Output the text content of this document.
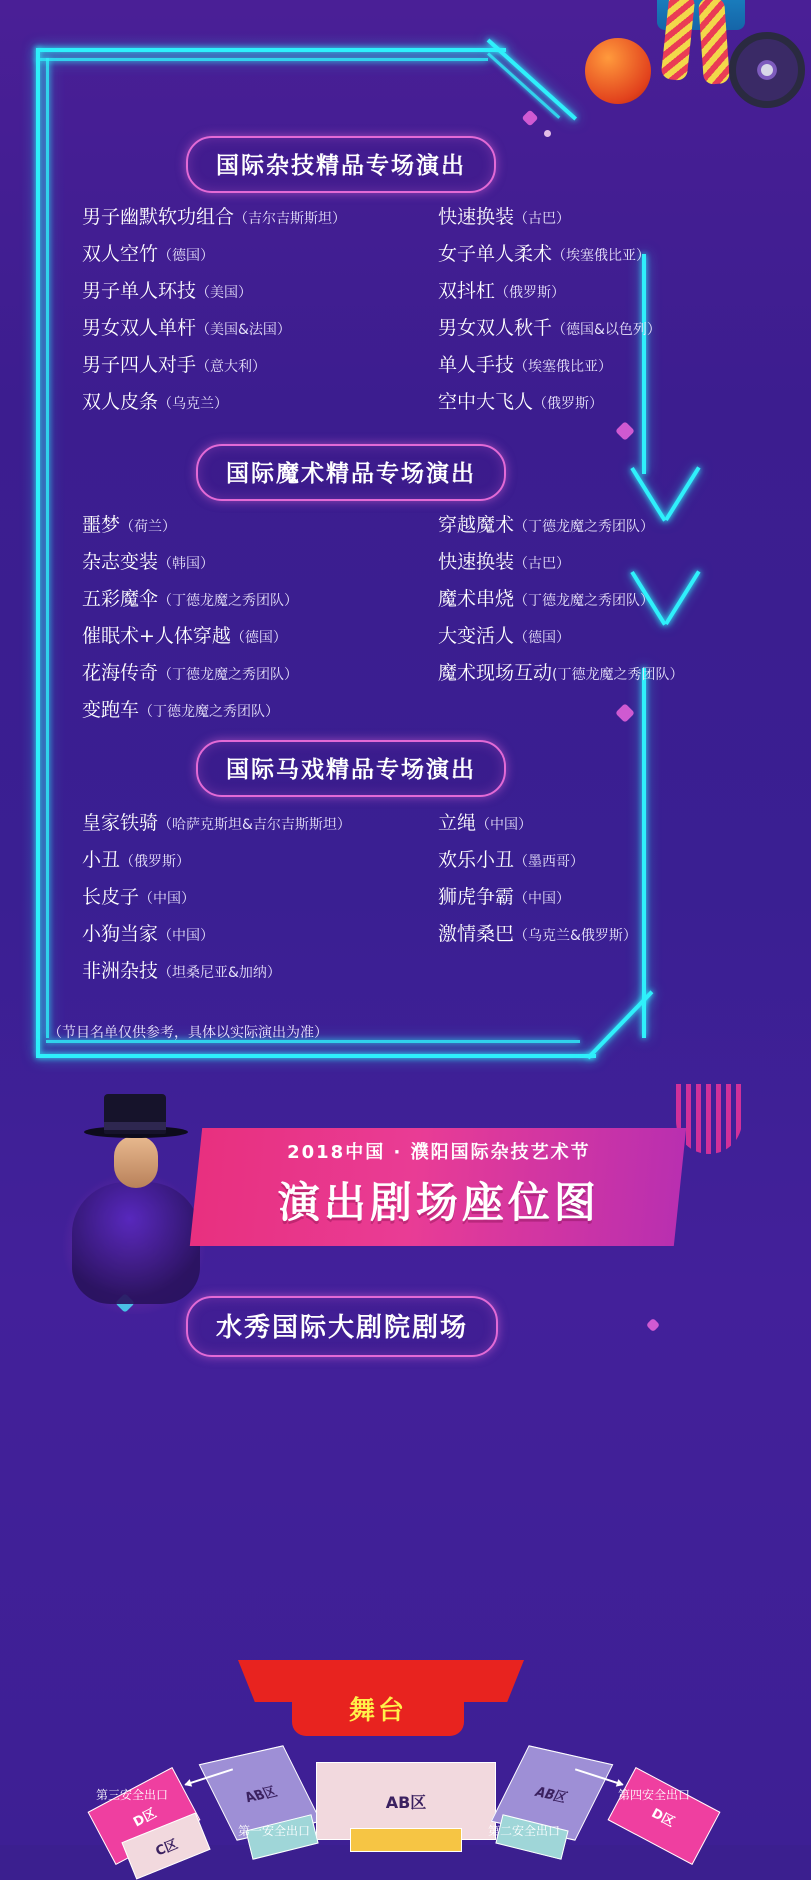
国际杂技精品专场演出
男子幽默软功组合（吉尔吉斯斯坦）
双人空竹（德国）
男子单人环技（美国）
男女双人单杆（美国&法国）
男子四人对手（意大利）
双人皮条（乌克兰）
快速换装（古巴）
女子单人柔术（埃塞俄比亚）
双抖杠（俄罗斯）
男女双人秋千（德国&以色列）
单人手技（埃塞俄比亚）
空中大飞人（俄罗斯）
国际魔术精品专场演出
噩梦（荷兰）
杂志变装（韩国）
五彩魔伞（丁德龙魔之秀团队）
催眠术+人体穿越（德国）
花海传奇（丁德龙魔之秀团队）
变跑车（丁德龙魔之秀团队）
穿越魔术（丁德龙魔之秀团队）
快速换装（古巴）
魔术串烧（丁德龙魔之秀团队）
大变活人（德国）
魔术现场互动(丁德龙魔之秀团队）
国际马戏精品专场演出
皇家铁骑（哈萨克斯坦&吉尔吉斯斯坦）
小丑（俄罗斯）
长皮子（中国）
小狗当家（中国）
非洲杂技（坦桑尼亚&加纳）
立绳（中国）
欢乐小丑（墨西哥）
狮虎争霸（中国）
激情桑巴（乌克兰&俄罗斯）
（节目名单仅供参考，具体以实际演出为准）
2018中国 · 濮阳国际杂技艺术节
演出剧场座位图
水秀国际大剧院剧场
舞台
AB区	AB区	AB区
D区	D区
C区
第三安全出口	第四安全出口
第一安全出口	第二安全出口
